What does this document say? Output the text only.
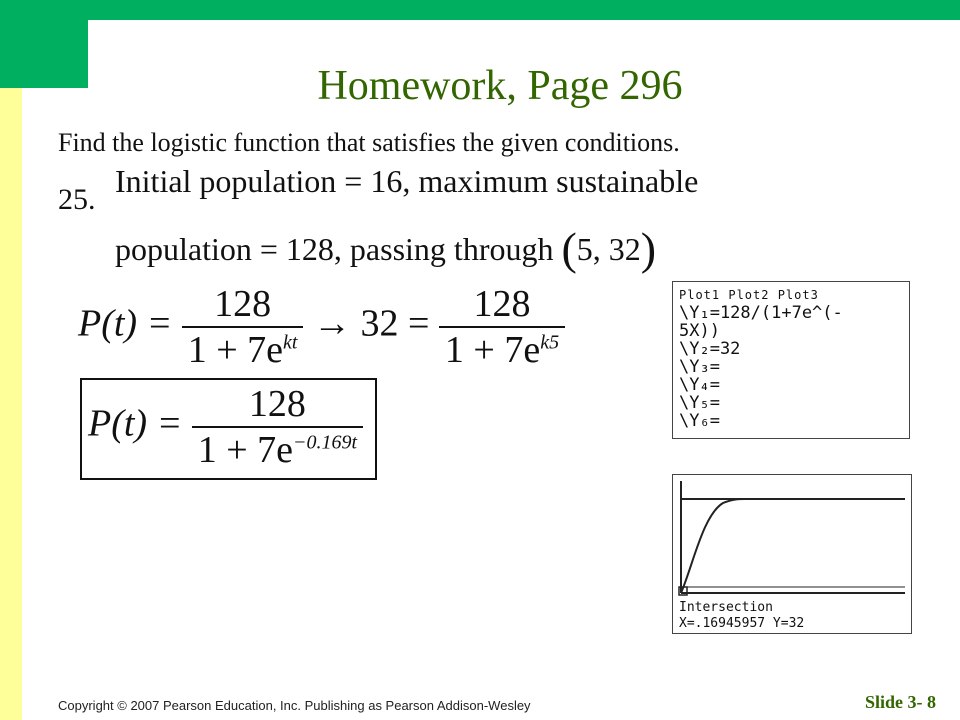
Homework, Page 296
Find the logistic function that satisfies the given conditions.
25.
Initial population = 16, maximum sustainable
population = 128, passing through (5, 32)
$P(t) = \frac{128}{1 + 7e^{kt}} \to 32 = \frac{128}{1 + 7e^{k5}}$
$P(t) = \frac{128}{1 + 7e^{-0.169t}}$
Plot1 Plot2 Plot3
\Y₁=128/(1+7e^(-
5X))
\Y₂=32
\Y₃=
\Y₄=
\Y₅=
\Y₆=
Intersection
X=.16945957 Y=32
Copyright © 2007 Pearson Education, Inc. Publishing as Pearson Addison-Wesley	Slide 3- 8
